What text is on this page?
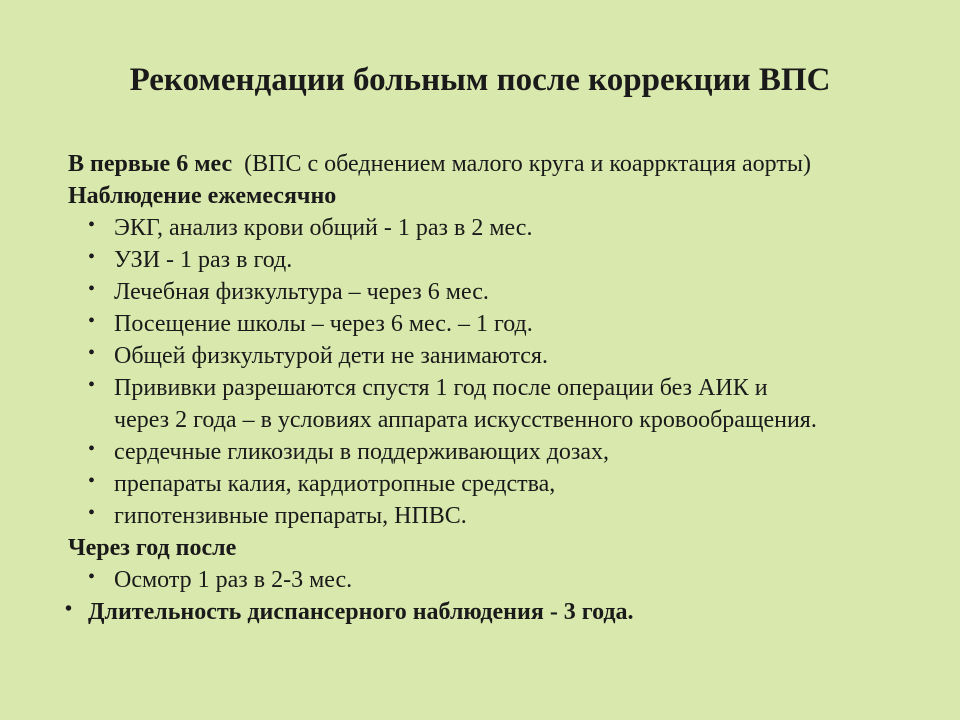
Рекомендации больным после коррекции ВПС

В первые 6 мес (ВПС с обеднением малого круга и коаррктация аорты)

Наблюдение ежемесячно

• ЭКГ, анализ крови общий - 1 раз в 2 мес.

• УЗИ - 1 раз в год.

• Лечебная физкультура – через 6 мес.

• Посещение школы – через 6 мес. – 1 год.

• Общей физкультурой дети не занимаются.

• Прививки разрешаются спустя 1 год после операции без АИК и

через 2 года – в условиях аппарата искусственного кровообращения.

• сердечные гликозиды в поддерживающих дозах,

• препараты калия, кардиотропные средства,

• гипотензивные препараты, НПВС.

Через год после

• Осмотр 1 раз в 2-3 мес.

• Длительность диспансерного наблюдения - 3 года.
